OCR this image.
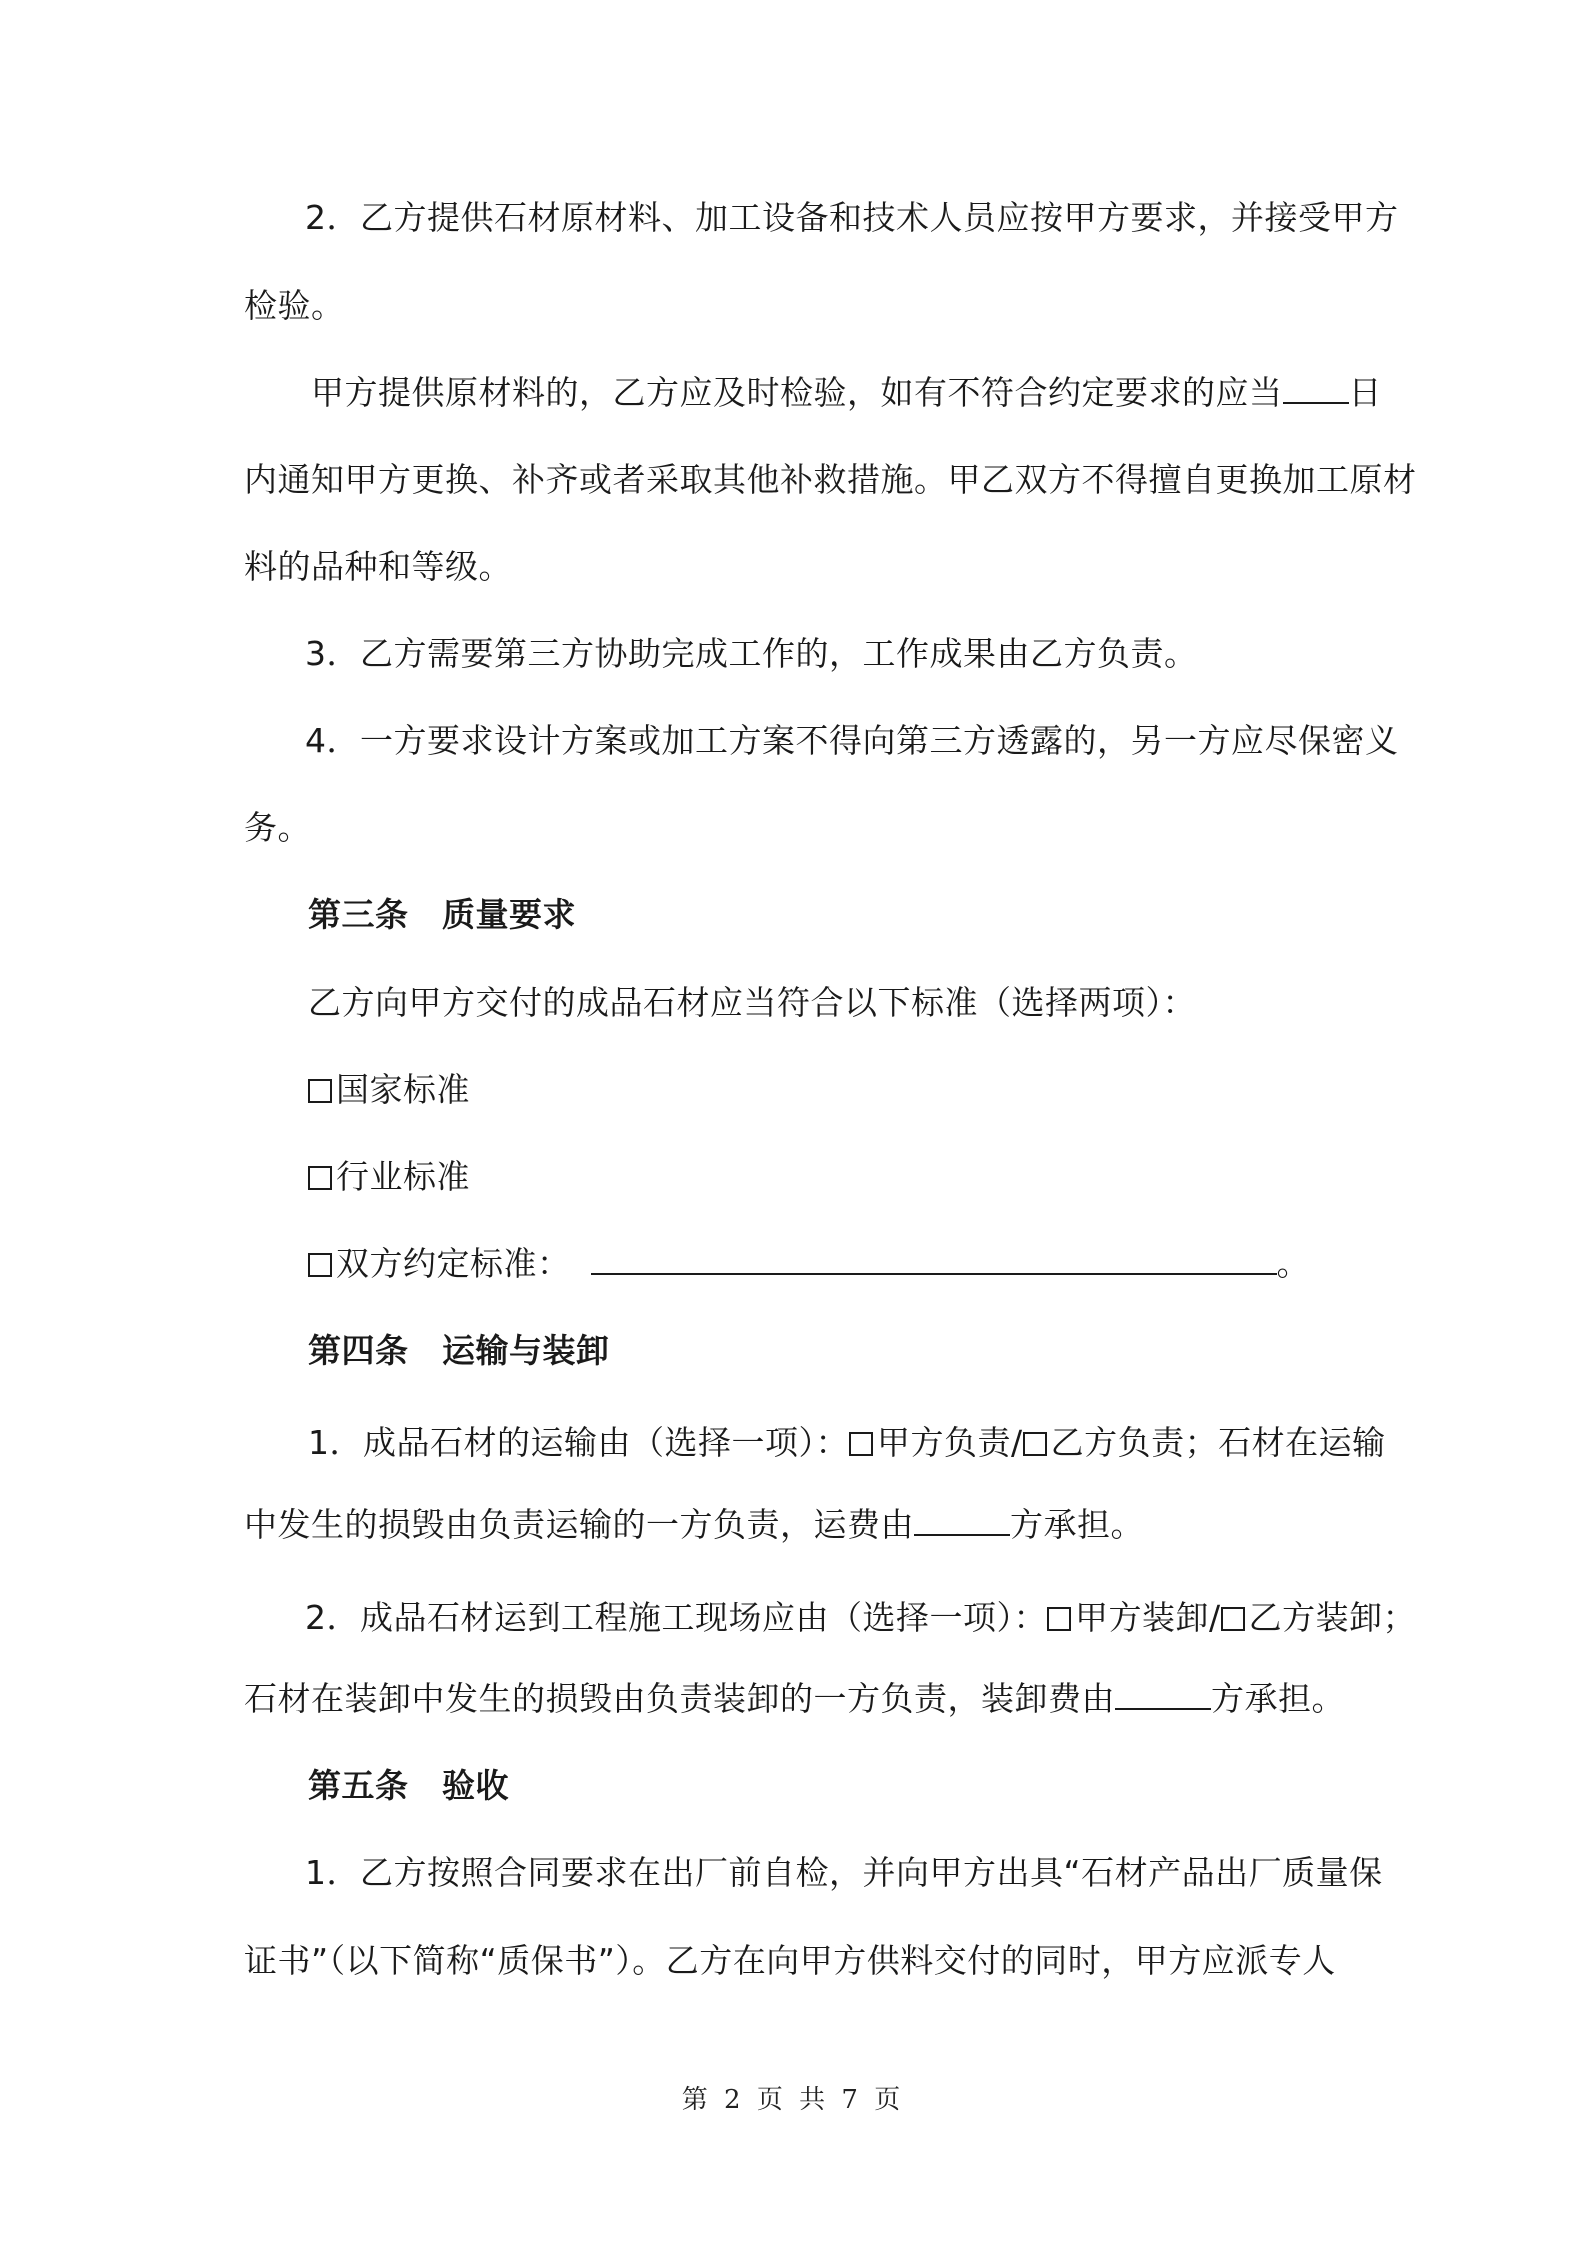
2．乙方提供石材原材料、加工设备和技术人员应按甲方要求，并接受甲方
检验。
甲方提供原材料的，乙方应及时检验，如有不符合约定要求的应当 日
内通知甲方更换、补齐或者采取其他补救措施。甲乙双方不得擅自更换加工原材
料的品种和等级。
3．乙方需要第三方协助完成工作的，工作成果由乙方负责。
4．一方要求设计方案或加工方案不得向第三方透露的，另一方应尽保密义
务。
第三条　质量要求
乙方向甲方交付的成品石材应当符合以下标准（选择两项）：
国家标准
行业标准
双方约定标准：	。
第四条　运输与装卸
1．成品石材的运输由（选择一项）： 甲方负责/ 乙方负责；石材在运输
中发生的损毁由负责运输的一方负责，运费由	方承担。
2．成品石材运到工程施工现场应由（选择一项）： 甲方装卸/ 乙方装卸；
石材在装卸中发生的损毁由负责装卸的一方负责，装卸费由	方承担。
第五条　验收
1．乙方按照合同要求在出厂前自检，并向甲方出具“石材产品出厂质量保
证书”（以下简称“质保书”）。乙方在向甲方供料交付的同时，甲方应派专人
第 2 页 共 7 页
